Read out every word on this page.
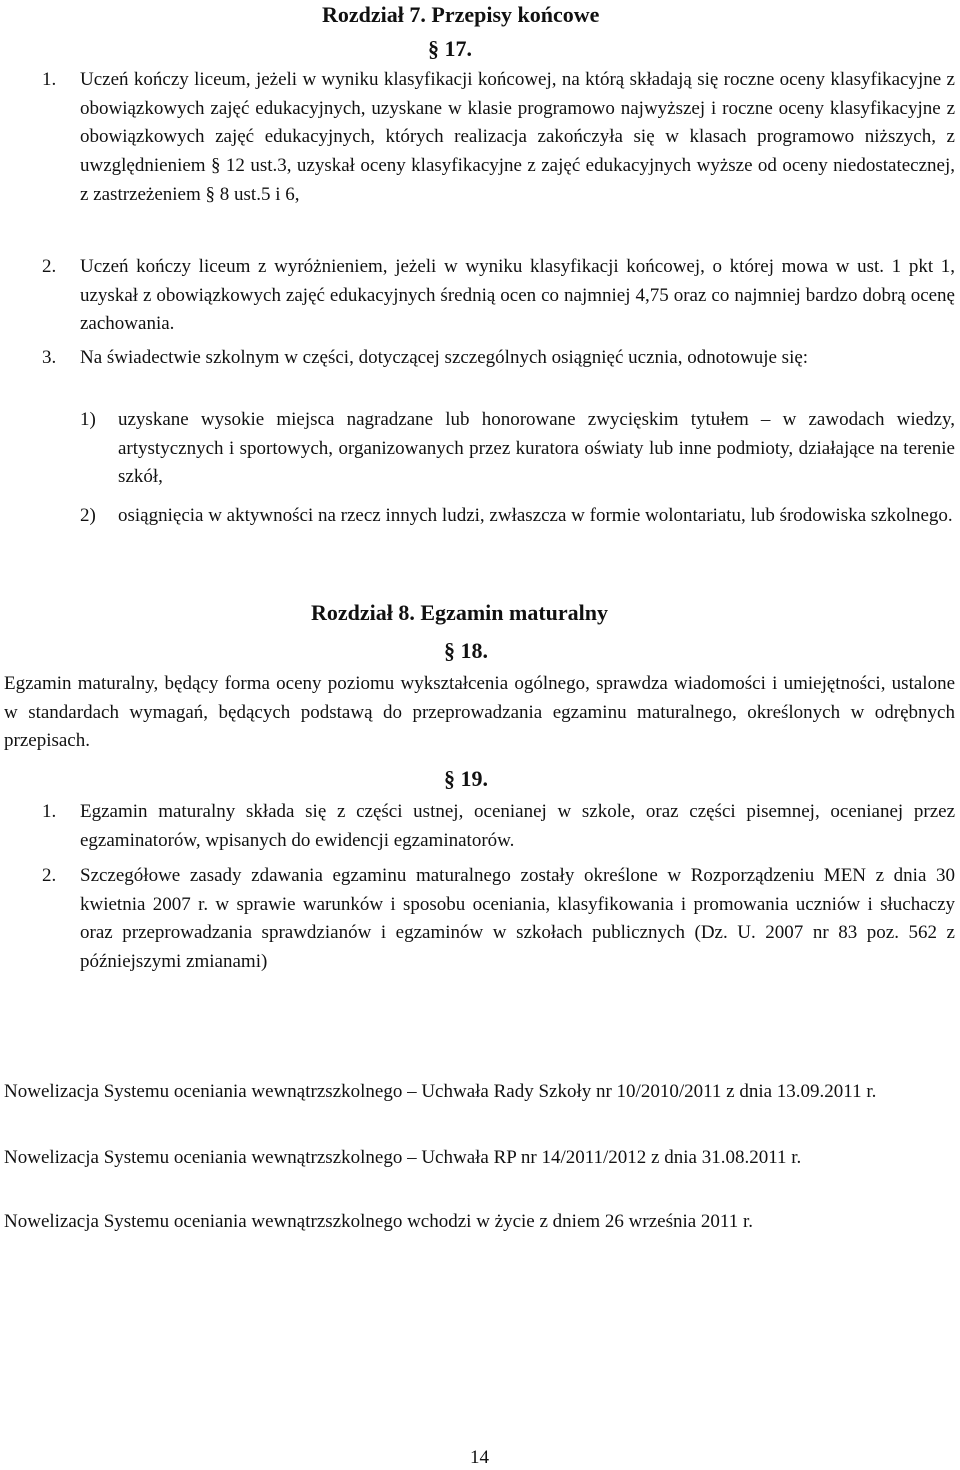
Rozdział 7. Przepisy końcowe
§ 17.
1. Uczeń kończy liceum, jeżeli w wyniku klasyfikacji końcowej, na którą składają się roczne oceny klasyfikacyjne z obowiązkowych zajęć edukacyjnych, uzyskane w klasie programowo najwyższej i roczne oceny klasyfikacyjne z obowiązkowych zajęć edukacyjnych, których realizacja zakończyła się w klasach programowo niższych, z uwzględnieniem § 12 ust.3, uzyskał oceny klasyfikacyjne z zajęć edukacyjnych wyższe od oceny niedostatecznej, z zastrzeżeniem § 8 ust.5 i 6,

2. Uczeń kończy liceum z wyróżnieniem, jeżeli w wyniku klasyfikacji końcowej, o której mowa w ust. 1 pkt 1, uzyskał z obowiązkowych zajęć edukacyjnych średnią ocen co najmniej 4,75 oraz co najmniej bardzo dobrą ocenę zachowania.

3. Na świadectwie szkolnym w części, dotyczącej szczególnych osiągnięć ucznia, odnotowuje się:

1) uzyskane wysokie miejsca nagradzane lub honorowane zwycięskim tytułem – w zawodach wiedzy, artystycznych i sportowych, organizowanych przez kuratora oświaty lub inne podmioty, działające na terenie szkół,

2) osiągnięcia w aktywności na rzecz innych ludzi, zwłaszcza w formie wolontariatu, lub środowiska szkolnego.

Rozdział 8. Egzamin maturalny
§ 18.

Egzamin maturalny, będący forma oceny poziomu wykształcenia ogólnego, sprawdza wiadomości i umiejętności, ustalone w standardach wymagań, będących podstawą do przeprowadzania egzaminu maturalnego, określonych w odrębnych przepisach.

§ 19.
1. Egzamin maturalny składa się z części ustnej, ocenianej w szkole, oraz części pisemnej, ocenianej przez egzaminatorów, wpisanych do ewidencji egzaminatorów.

2. Szczegółowe zasady zdawania egzaminu maturalnego zostały określone w Rozporządzeniu MEN z dnia 30 kwietnia 2007 r. w sprawie warunków i sposobu oceniania, klasyfikowania i promowania uczniów i słuchaczy oraz przeprowadzania sprawdzianów i egzaminów w szkołach publicznych (Dz. U. 2007 nr 83 poz. 562 z późniejszymi zmianami)

Nowelizacja Systemu oceniania wewnątrzszkolnego – Uchwała Rady Szkoły nr 10/2010/2011 z dnia 13.09.2011 r.

Nowelizacja Systemu oceniania wewnątrzszkolnego – Uchwała RP nr 14/2011/2012 z dnia 31.08.2011 r.

Nowelizacja Systemu oceniania wewnątrzszkolnego wchodzi w życie z dniem 26 września 2011 r.

14
